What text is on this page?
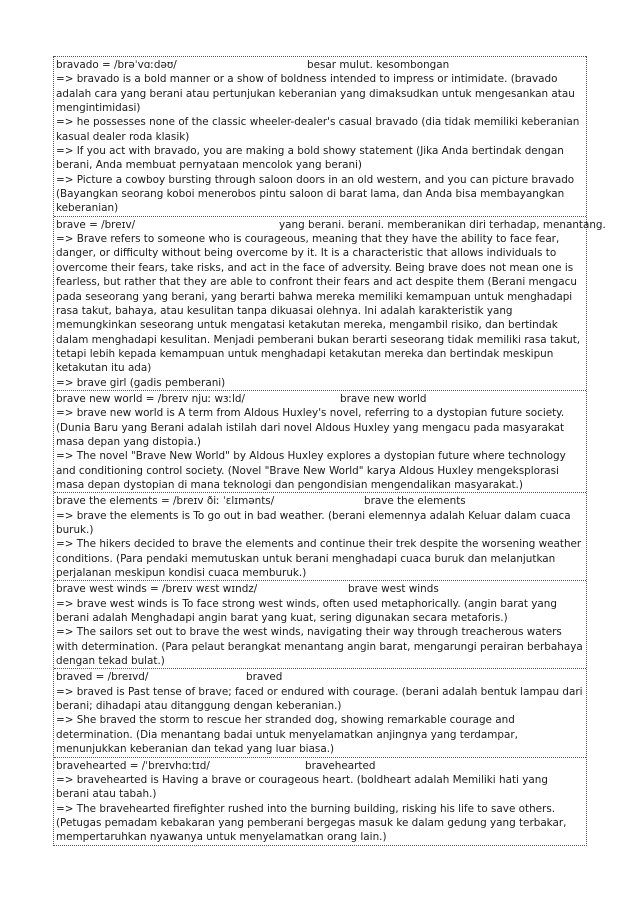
bravado = /brəˈvɑːdəʊ/	besar mulut. kesombongan

=> bravado is a bold manner or a show of boldness intended to impress or intimidate. (bravado adalah cara yang berani atau pertunjukan keberanian yang dimaksudkan untuk mengesankan atau mengintimidasi)

=> he possesses none of the classic wheeler-dealer's casual bravado (dia tidak memiliki keberanian kasual dealer roda klasik)

=> If you act with bravado, you are making a bold showy statement (Jika Anda bertindak dengan berani, Anda membuat pernyataan mencolok yang berani)

=> Picture a cowboy bursting through saloon doors in an old western, and you can picture bravado (Bayangkan seorang koboi menerobos pintu saloon di barat lama, dan Anda bisa membayangkan keberanian)

brave = /breɪv/	yang berani. berani. memberanikan diri terhadap, menantang.

=> Brave refers to someone who is courageous, meaning that they have the ability to face fear, danger, or difficulty without being overcome by it. It is a characteristic that allows individuals to overcome their fears, take risks, and act in the face of adversity. Being brave does not mean one is fearless, but rather that they are able to confront their fears and act despite them (Berani mengacu pada seseorang yang berani, yang berarti bahwa mereka memiliki kemampuan untuk menghadapi rasa takut, bahaya, atau kesulitan tanpa dikuasai olehnya. Ini adalah karakteristik yang memungkinkan seseorang untuk mengatasi ketakutan mereka, mengambil risiko, dan bertindak dalam menghadapi kesulitan. Menjadi pemberani bukan berarti seseorang tidak memiliki rasa takut, tetapi lebih kepada kemampuan untuk menghadapi ketakutan mereka dan bertindak meskipun ketakutan itu ada)

=> brave girl (gadis pemberani)

brave new world = /breɪv njuː wɜːld/	brave new world

=> brave new world is A term from Aldous Huxley's novel, referring to a dystopian future society. (Dunia Baru yang Berani adalah istilah dari novel Aldous Huxley yang mengacu pada masyarakat masa depan yang distopia.)

=> The novel "Brave New World" by Aldous Huxley explores a dystopian future where technology and conditioning control society. (Novel "Brave New World" karya Aldous Huxley mengeksplorasi masa depan dystopian di mana teknologi dan pengondisian mengendalikan masyarakat.)

brave the elements = /breɪv ðiː ˈɛlɪmənts/	brave the elements

=> brave the elements is To go out in bad weather. (berani elemennya adalah Keluar dalam cuaca buruk.)

=> The hikers decided to brave the elements and continue their trek despite the worsening weather conditions. (Para pendaki memutuskan untuk berani menghadapi cuaca buruk dan melanjutkan perjalanan meskipun kondisi cuaca memburuk.)

brave west winds = /breɪv wɛst wɪndz/	brave west winds

=> brave west winds is To face strong west winds, often used metaphorically. (angin barat yang berani adalah Menghadapi angin barat yang kuat, sering digunakan secara metaforis.)

=> The sailors set out to brave the west winds, navigating their way through treacherous waters with determination. (Para pelaut berangkat menantang angin barat, mengarungi perairan berbahaya dengan tekad bulat.)

braved = /breɪvd/	braved

=> braved is Past tense of brave; faced or endured with courage. (berani adalah bentuk lampau dari berani; dihadapi atau ditanggung dengan keberanian.)

=> She braved the storm to rescue her stranded dog, showing remarkable courage and determination. (Dia menantang badai untuk menyelamatkan anjingnya yang terdampar, menunjukkan keberanian dan tekad yang luar biasa.)

bravehearted = /ˈbreɪvhɑːtɪd/	bravehearted

=> bravehearted is Having a brave or courageous heart. (boldheart adalah Memiliki hati yang berani atau tabah.)

=> The bravehearted firefighter rushed into the burning building, risking his life to save others. (Petugas pemadam kebakaran yang pemberani bergegas masuk ke dalam gedung yang terbakar, mempertaruhkan nyawanya untuk menyelamatkan orang lain.)
